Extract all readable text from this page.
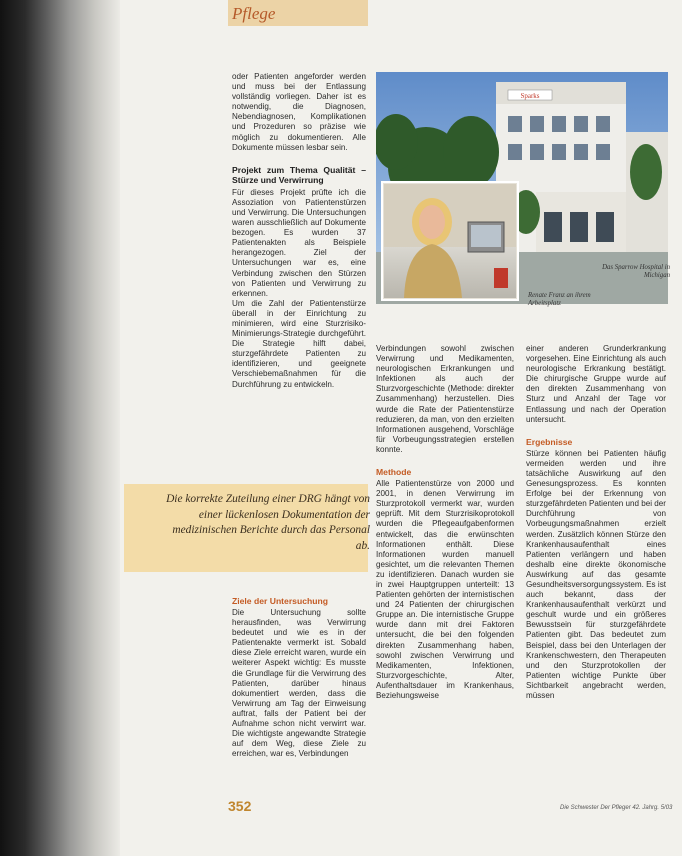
Pflege

oder Patienten angeforder werden und muss bei der Entlassung vollständig vorliegen. Daher ist es notwendig, die Diagnosen, Nebendiagnosen, Komplikationen und Prozeduren so präzise wie möglich zu dokumentieren. Alle Dokumente müssen lesbar sein.

Projekt zum Thema Qualität – Stürze und Verwirrung

Für dieses Projekt prüfte ich die Assoziation von Patientenstürzen und Verwirrung. Die Untersuchungen waren ausschließlich auf Dokumente bezogen. Es wurden 37 Patientenakten als Beispiele herangezogen. Ziel der Untersuchungen war es, eine Verbindung zwischen den Stürzen von Patienten und Verwirrung zu erkennen.

Um die Zahl der Patientenstürze überall in der Einrichtung zu minimieren, wird eine Sturzrisiko-Minimierungs-Strategie durchgeführt. Die Strategie hilft dabei, sturzgefährdete Patienten zu identifizieren, und geeignete Verschiebemaßnahmen für die Durchführung zu entwickeln.

Sparks
Das Sparrow Hospital in Michigan
Renate Franz an ihrem Arbeitsplatz
Die korrekte Zuteilung einer DRG hängt von einer lückenlosen Dokumentation der medizinischen Berichte durch das Personal ab.
Ziele der Untersuchung

Die Untersuchung sollte herausfinden, was Verwirrung bedeutet und wie es in der Patientenakte vermerkt ist. Sobald diese Ziele erreicht waren, wurde ein weiterer Aspekt wichtig: Es musste die Grundlage für die Verwirrung des Patienten, darüber hinaus dokumentiert werden, dass die Verwirrung am Tag der Einweisung auftrat, falls der Patient bei der Aufnahme schon nicht verwirrt war. Die wichtigste angewandte Strategie auf dem Weg, diese Ziele zu erreichen, war es, Verbindungen

Verbindungen sowohl zwischen Verwirrung und Medikamenten, neurologischen Erkrankungen und Infektionen als auch der Sturzvorgeschichte (Methode: direkter Zusammenhang) herzustellen. Dies wurde die Rate der Patientenstürze reduzieren, da man, von den erzielten Informationen ausgehend, Vorschläge für Vorbeugungsstrategien erstellen konnte.

Methode

Alle Patientenstürze von 2000 und 2001, in denen Verwirrung im Sturzprotokoll vermerkt war, wurden geprüft. Mit dem Sturzrisikoprotokoll wurden die Pflegeaufgabenformen entwickelt, das die erwünschten Informationen enthält. Diese Informationen wurden manuell gesichtet, um die relevanten Themen zu identifizieren. Danach wurden sie in zwei Hauptgruppen unterteilt: 13 Patienten gehörten der internistischen und 24 Patienten der chirurgischen Gruppe an. Die internistische Gruppe wurde dann mit drei Faktoren untersucht, die bei den folgenden direkten Zusammenhang haben, sowohl zwischen Verwirrung und Medikamenten, Infektionen, Sturzvorgeschichte, Alter, Aufenthaltsdauer im Krankenhaus, Beziehungsweise

einer anderen Grunderkrankung vorgesehen. Eine Einrichtung als auch neurologische Erkrankung bestätigt. Die chirurgische Gruppe wurde auf den direkten Zusammenhang von Sturz und Anzahl der Tage vor Entlassung und nach der Operation untersucht.

Ergebnisse

Stürze können bei Patienten häufig vermeiden werden und ihre tatsächliche Auswirkung auf den Genesungsprozess. Es konnten Erfolge bei der Erkennung von sturzgefährdeten Patienten und bei der Durchführung von Vorbeugungsmaßnahmen erzielt werden. Zusätzlich können Stürze den Krankenhausaufenthalt eines Patienten verlängern und haben deshalb eine direkte ökonomische Auswirkung auf das gesamte Gesundheitsversorgungssystem. Es ist auch bekannt, dass der Krankenhausaufenthalt verkürzt und geschult wurde und ein größeres Bewusstsein für sturzgefährdete Patienten gibt. Das bedeutet zum Beispiel, dass bei den Unterlagen der Krankenschwestern, den Therapeuten und den Sturzprotokollen der Patienten wichtige Punkte über Sichtbarkeit angebracht werden, müssen

352	Die Schwester Der Pfleger 42. Jahrg. 5/03
